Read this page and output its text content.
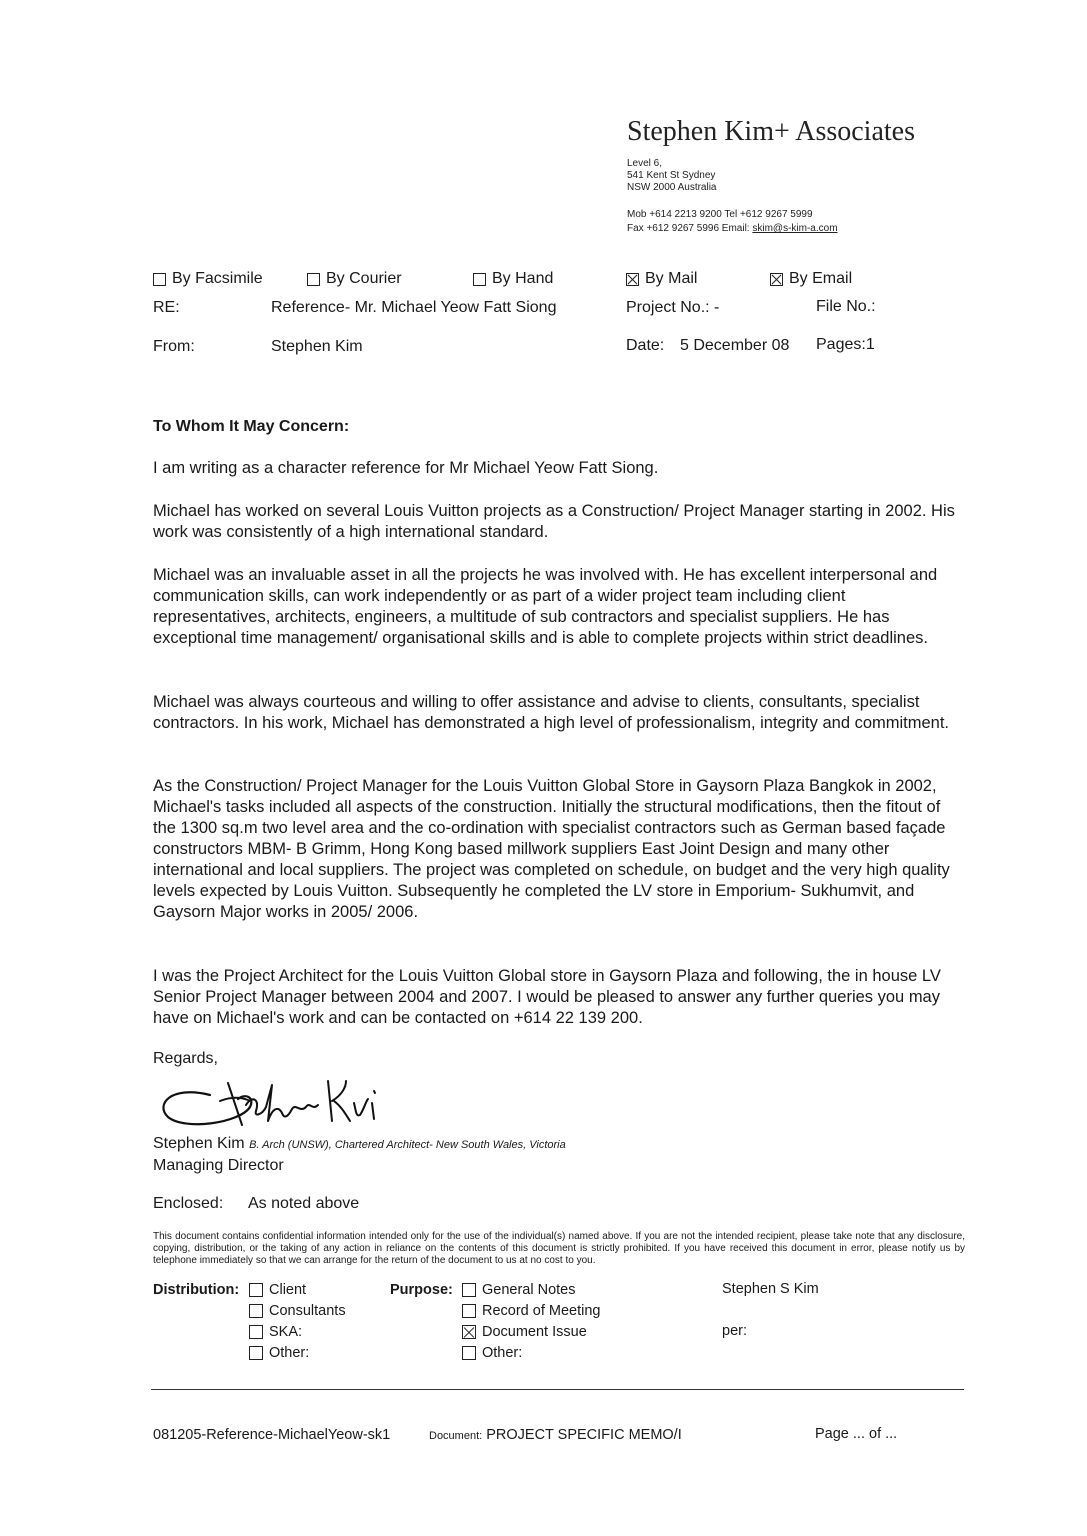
Stephen Kim+ Associates
Level 6,
541 Kent St Sydney
NSW 2000 Australia
Mob +614 2213 9200 Tel +612 9267 5999
Fax +612 9267 5996 Email: skim@s-kim-a.com
By Facsimile	By Courier	By Hand	By Mail	By Email
RE:	Reference- Mr. Michael Yeow Fatt Siong	Project No.: -	File No.:
From:	Stephen Kim	Date: 5 December 08 Pages:1
To Whom It May Concern:
I am writing as a character reference for Mr Michael Yeow Fatt Siong.
Michael has worked on several Louis Vuitton projects as a Construction/ Project Manager starting in 2002. His work was consistently of a high international standard.
Michael was an invaluable asset in all the projects he was involved with. He has excellent interpersonal and communication skills, can work independently or as part of a wider project team including client representatives, architects, engineers, a multitude of sub contractors and specialist suppliers. He has exceptional time management/ organisational skills and is able to complete projects within strict deadlines.
Michael was always courteous and willing to offer assistance and advise to clients, consultants, specialist contractors. In his work, Michael has demonstrated a high level of professionalism, integrity and commitment.
As the Construction/ Project Manager for the Louis Vuitton Global Store in Gaysorn Plaza Bangkok in 2002, Michael's tasks included all aspects of the construction. Initially the structural modifications, then the fitout of the 1300 sq.m two level area and the co-ordination with specialist contractors such as German based façade constructors MBM- B Grimm, Hong Kong based millwork suppliers East Joint Design and many other international and local suppliers. The project was completed on schedule, on budget and the very high quality levels expected by Louis Vuitton. Subsequently he completed the LV store in Emporium- Sukhumvit, and Gaysorn Major works in 2005/ 2006.
I was the Project Architect for the Louis Vuitton Global store in Gaysorn Plaza and following, the in house LV Senior Project Manager between 2004 and 2007. I would be pleased to answer any further queries you may have on Michael's work and can be contacted on +614 22 139 200.
Regards,
Stephen Kim B. Arch (UNSW), Chartered Architect- New South Wales, Victoria
Managing Director
Enclosed: As noted above
This document contains confidential information intended only for the use of the individual(s) named above. If you are not the intended recipient, please take note that any disclosure, copying, distribution, or the taking of any action in reliance on the contents of this document is strictly prohibited. If you have received this document in error, please notify us by telephone immediately so that we can arrange for the return of the document to us at no cost to you.
Distribution: Client
Consultants
SKA:
Other:
Purpose: General Notes
Record of Meeting
Document Issue
Other:
Stephen S Kim
per:
081205-Reference-MichaelYeow-sk1	Document: PROJECT SPECIFIC MEMO/I	Page ... of ...
